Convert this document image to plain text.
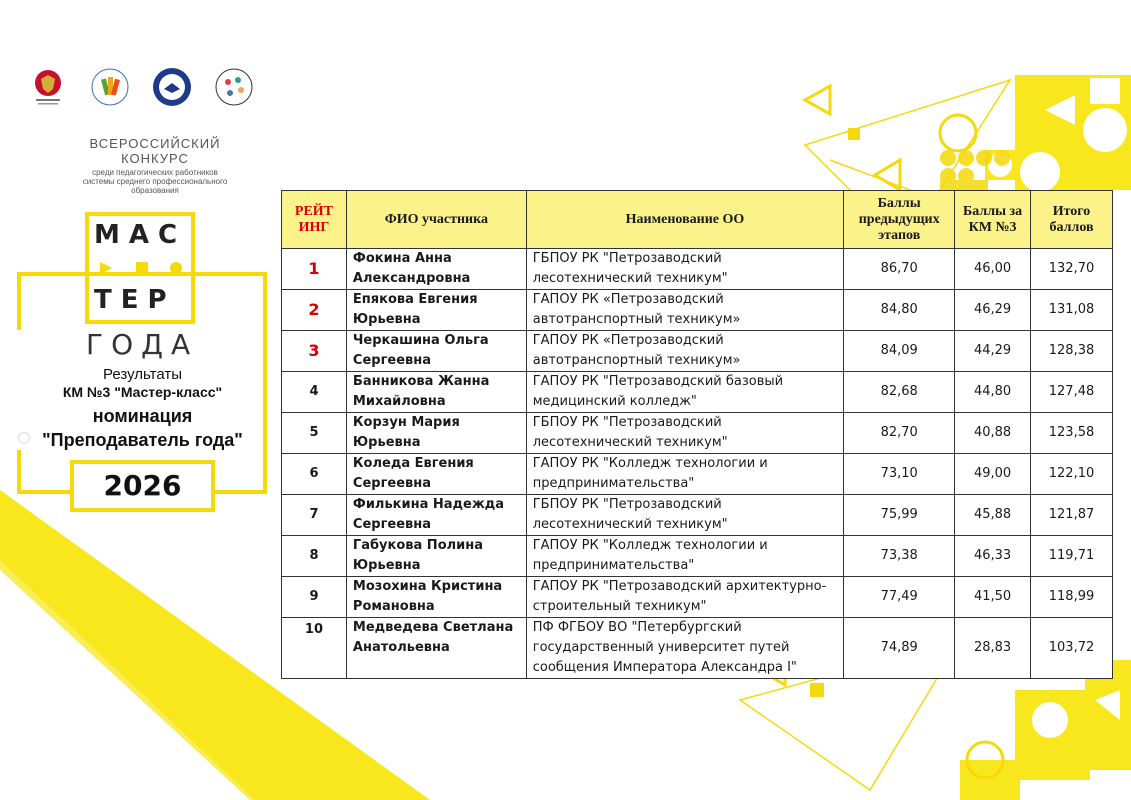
ВСЕРОССИЙСКИЙ
КОНКУРС
среди педагогических работников
системы среднего профессионального
образования
МАС
ТЕР
ГОДА
Результаты
КМ №3 "Мастер-класс"
номинация
"Преподаватель года"
2026
РЕЙТ ИНГ	ФИО участника	Наименование ОО	Баллы предыдущих этапов	Баллы за КМ №3	Итого баллов
1	Фокина Анна Александровна	ГБПОУ РК "Петрозаводский лесотехнический техникум"	86,70	46,00	132,70
2	Епякова Евгения Юрьевна	ГАПОУ РК «Петрозаводский автотранспортный техникум»	84,80	46,29	131,08
3	Черкашина Ольга Сергеевна	ГАПОУ РК «Петрозаводский автотранспортный техникум»	84,09	44,29	128,38
4	Банникова Жанна Михайловна	ГАПОУ РК "Петрозаводский базовый медицинский колледж"	82,68	44,80	127,48
5	Корзун Мария Юрьевна	ГБПОУ РК "Петрозаводский лесотехнический техникум"	82,70	40,88	123,58
6	Коледа Евгения Сергеевна	ГАПОУ РК "Колледж технологии и предпринимательства"	73,10	49,00	122,10
7	Филькина Надежда Сергеевна	ГБПОУ РК "Петрозаводский лесотехнический техникум"	75,99	45,88	121,87
8	Габукова Полина Юрьевна	ГАПОУ РК "Колледж технологии и предпринимательства"	73,38	46,33	119,71
9	Мозохина Кристина Романовна	ГАПОУ РК "Петрозаводский архитектурно-строительный техникум"	77,49	41,50	118,99
10	Медведева Светлана Анатольевна	ПФ ФГБОУ ВО "Петербургский государственный университет путей сообщения Императора Александра I"	74,89	28,83	103,72
